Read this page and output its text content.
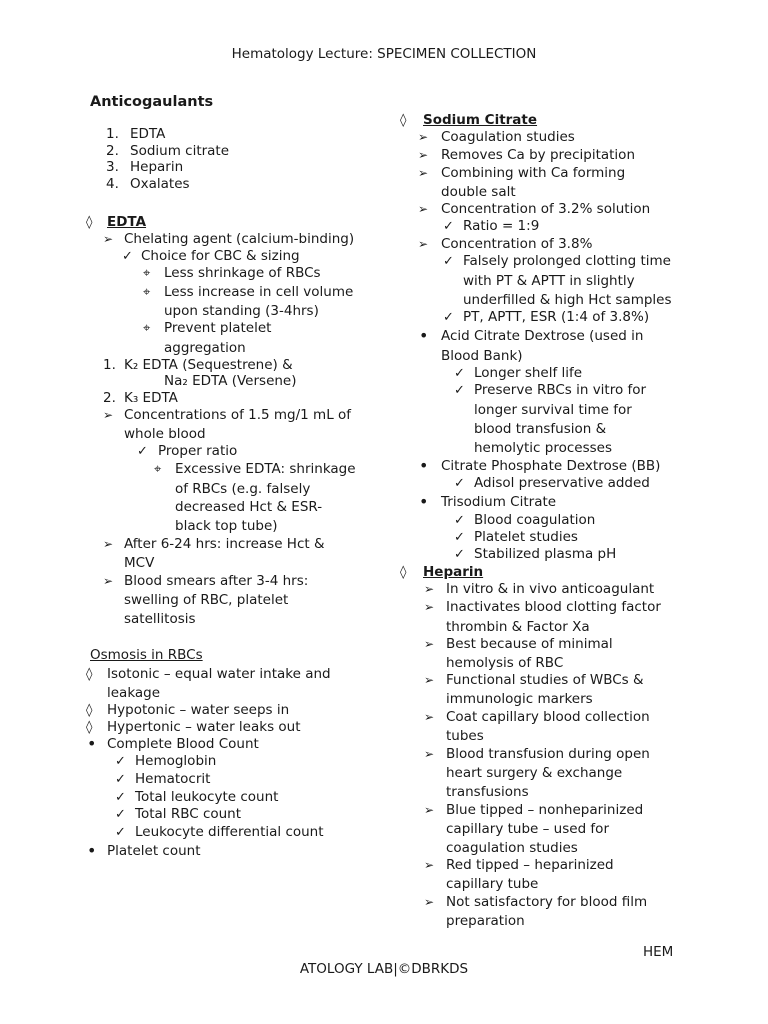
Hematology Lecture: SPECIMEN COLLECTION
Anticogaulants
1. EDTA
2. Sodium citrate
3. Heparin
4. Oxalates
◊ EDTA
➢ Chelating agent (calcium-binding)
✓ Choice for CBC & sizing
⌖ Less shrinkage of RBCs
⌖ Less increase in cell volume
upon standing (3-4hrs)
⌖ Prevent platelet
aggregation
1. K₂ EDTA (Sequestrene) &
Na₂ EDTA (Versene)
2. K₃ EDTA
➢ Concentrations of 1.5 mg/1 mL of
whole blood
✓ Proper ratio
⌖ Excessive EDTA: shrinkage
of RBCs (e.g. falsely
decreased Hct & ESR-
black top tube)
➢ After 6-24 hrs: increase Hct &
MCV
➢ Blood smears after 3-4 hrs:
swelling of RBC, platelet
satellitosis
Osmosis in RBCs
◊ Isotonic – equal water intake and
leakage
◊ Hypotonic – water seeps in
◊ Hypertonic – water leaks out
• Complete Blood Count
✓ Hemoglobin
✓ Hematocrit
✓ Total leukocyte count
✓ Total RBC count
✓ Leukocyte differential count
• Platelet count
◊ Sodium Citrate
➢ Coagulation studies
➢ Removes Ca by precipitation
➢ Combining with Ca forming
double salt
➢ Concentration of 3.2% solution
✓ Ratio = 1:9
➢ Concentration of 3.8%
✓ Falsely prolonged clotting time
with PT & APTT in slightly
underfilled & high Hct samples
✓ PT, APTT, ESR (1:4 of 3.8%)
• Acid Citrate Dextrose (used in
Blood Bank)
✓ Longer shelf life
✓ Preserve RBCs in vitro for
longer survival time for
blood transfusion &
hemolytic processes
• Citrate Phosphate Dextrose (BB)
✓ Adisol preservative added
• Trisodium Citrate
✓ Blood coagulation
✓ Platelet studies
✓ Stabilized plasma pH
◊ Heparin
➢ In vitro & in vivo anticoagulant
➢ Inactivates blood clotting factor
thrombin & Factor Xa
➢ Best because of minimal
hemolysis of RBC
➢ Functional studies of WBCs &
immunologic markers
➢ Coat capillary blood collection
tubes
➢ Blood transfusion during open
heart surgery & exchange
transfusions
➢ Blue tipped – nonheparinized
capillary tube – used for
coagulation studies
➢ Red tipped – heparinized
capillary tube
➢ Not satisfactory for blood film
preparation
HEM
ATOLOGY LAB|©DBRKDS
